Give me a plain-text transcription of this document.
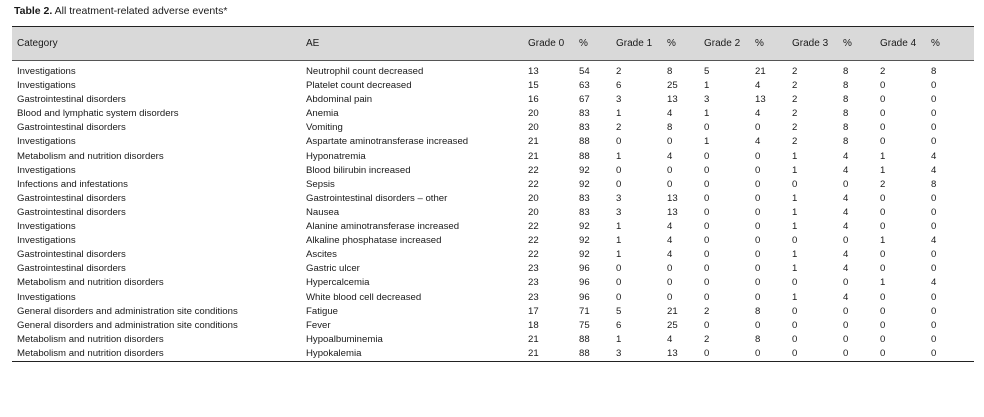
Table 2. All treatment-related adverse events*
Category	AE	Grade 0	%	Grade 1	%	Grade 2	%	Grade 3	%	Grade 4	%
Investigations	Neutrophil count decreased	13	54	2	8	5	21	2	8	2	8
Investigations	Platelet count decreased	15	63	6	25	1	4	2	8	0	0
Gastrointestinal disorders	Abdominal pain	16	67	3	13	3	13	2	8	0	0
Blood and lymphatic system disorders	Anemia	20	83	1	4	1	4	2	8	0	0
Gastrointestinal disorders	Vomiting	20	83	2	8	0	0	2	8	0	0
Investigations	Aspartate aminotransferase increased	21	88	0	0	1	4	2	8	0	0
Metabolism and nutrition disorders	Hyponatremia	21	88	1	4	0	0	1	4	1	4
Investigations	Blood bilirubin increased	22	92	0	0	0	0	1	4	1	4
Infections and infestations	Sepsis	22	92	0	0	0	0	0	0	2	8
Gastrointestinal disorders	Gastrointestinal disorders – other	20	83	3	13	0	0	1	4	0	0
Gastrointestinal disorders	Nausea	20	83	3	13	0	0	1	4	0	0
Investigations	Alanine aminotransferase increased	22	92	1	4	0	0	1	4	0	0
Investigations	Alkaline phosphatase increased	22	92	1	4	0	0	0	0	1	4
Gastrointestinal disorders	Ascites	22	92	1	4	0	0	1	4	0	0
Gastrointestinal disorders	Gastric ulcer	23	96	0	0	0	0	1	4	0	0
Metabolism and nutrition disorders	Hypercalcemia	23	96	0	0	0	0	0	0	1	4
Investigations	White blood cell decreased	23	96	0	0	0	0	1	4	0	0
General disorders and administration site conditions	Fatigue	17	71	5	21	2	8	0	0	0	0
General disorders and administration site conditions	Fever	18	75	6	25	0	0	0	0	0	0
Metabolism and nutrition disorders	Hypoalbuminemia	21	88	1	4	2	8	0	0	0	0
Metabolism and nutrition disorders	Hypokalemia	21	88	3	13	0	0	0	0	0	0
